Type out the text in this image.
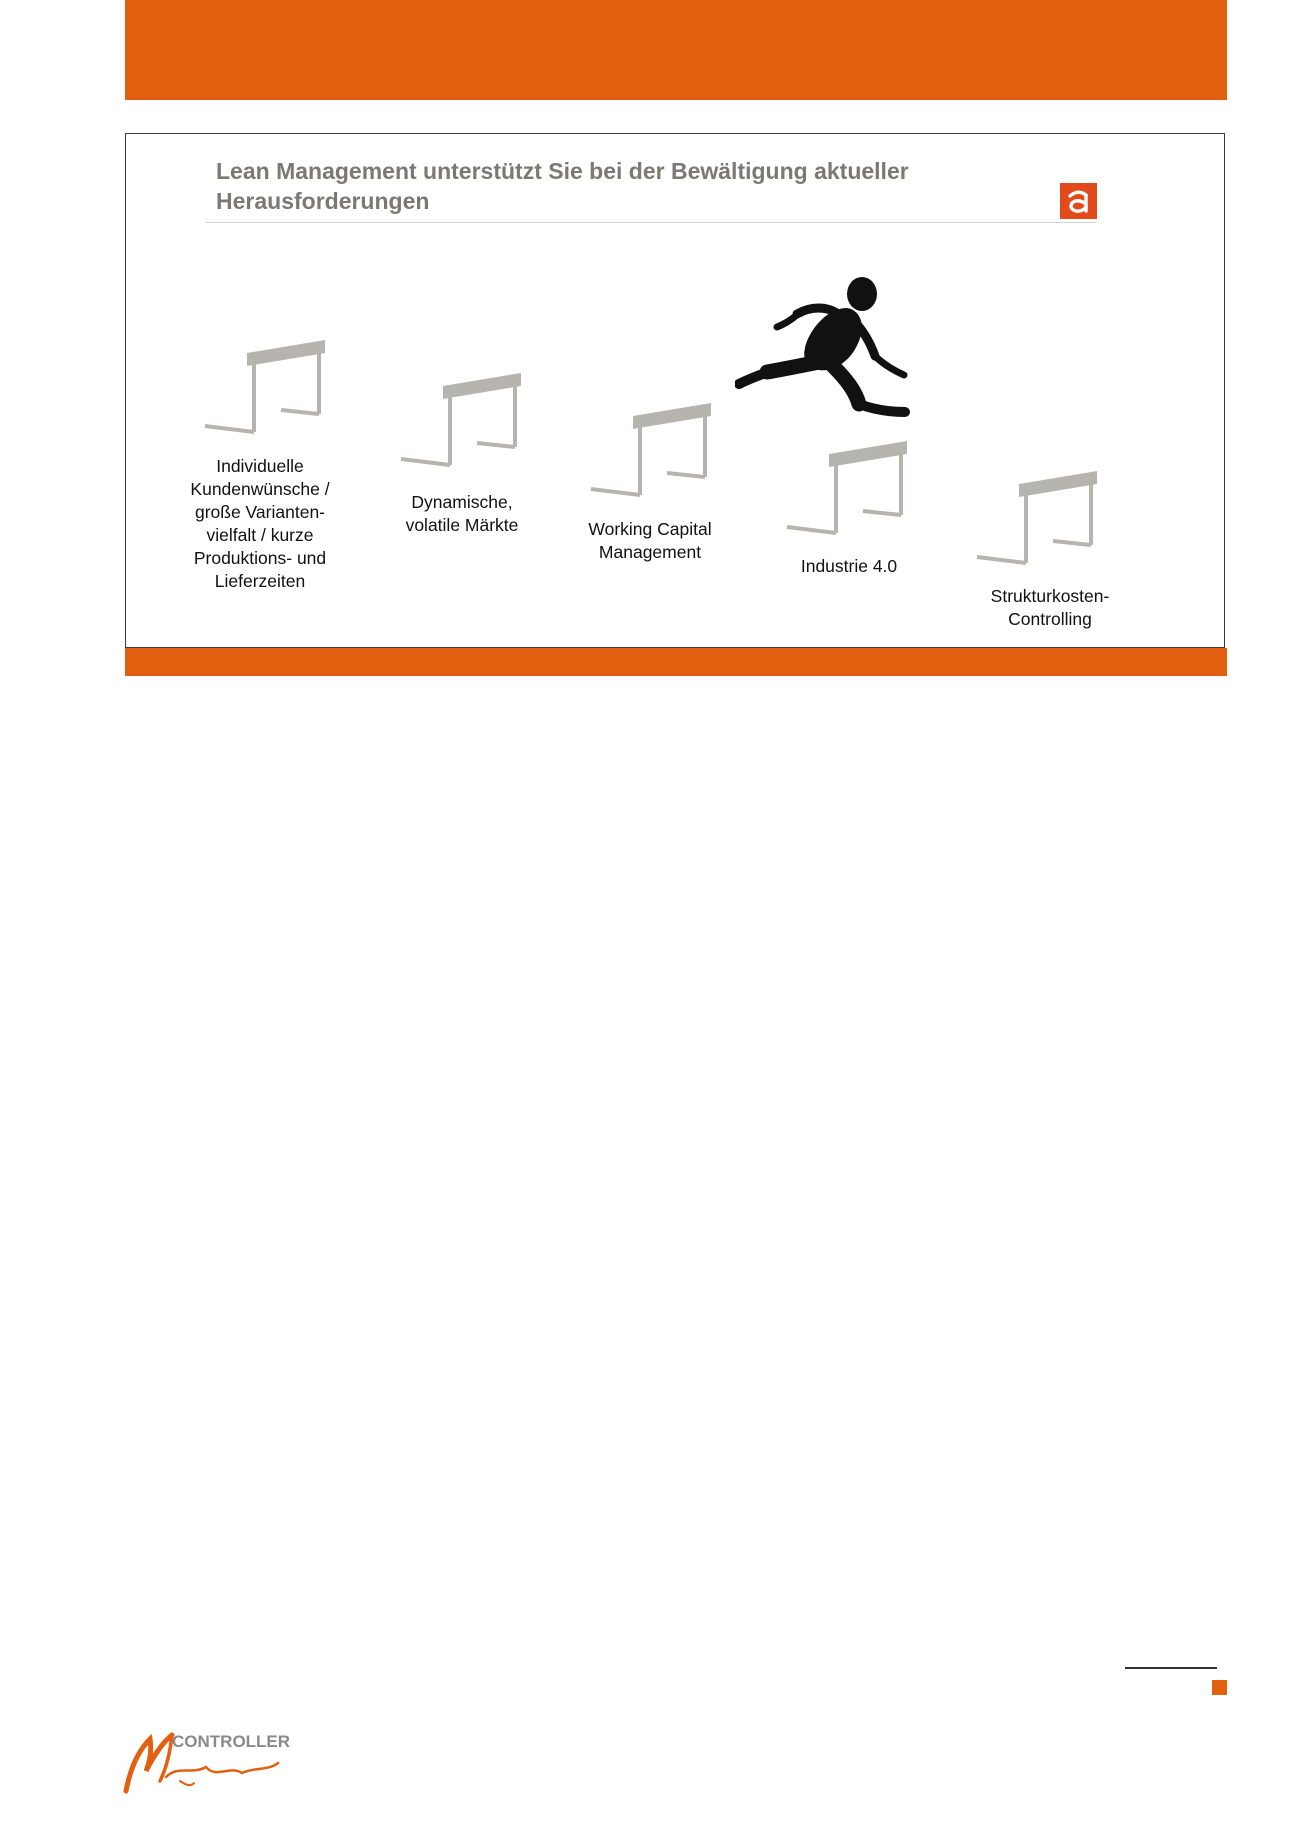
Lean Management unterstützt Sie bei der Bewältigung aktueller Herausforderungen
Individuelle Kundenwünsche / große Varianten-vielfalt / kurze Produktions- und Lieferzeiten
Dynamische, volatile Märkte	Working Capital Management
Industrie 4.0
Strukturkosten-Controlling
CONTROLLER
